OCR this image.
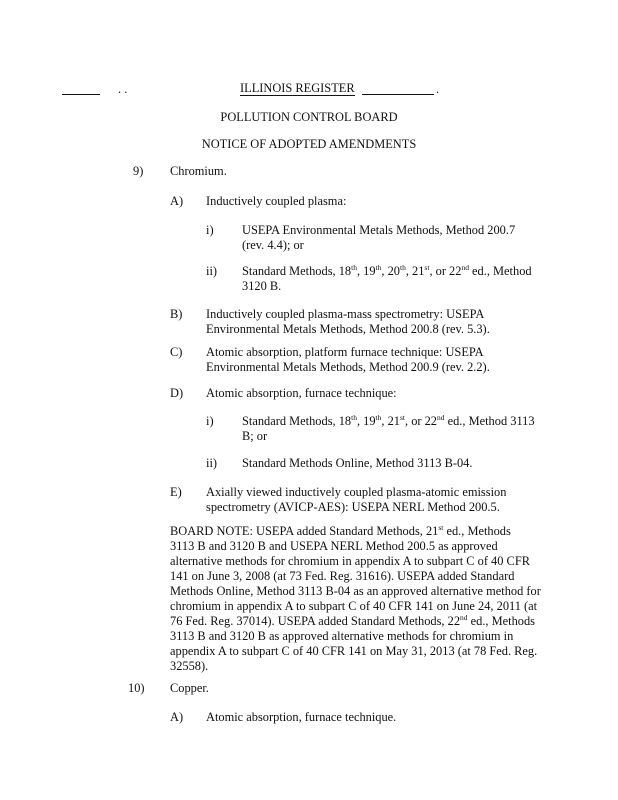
. .	ILLINOIS REGISTER	.
POLLUTION CONTROL BOARD
NOTICE OF ADOPTED AMENDMENTS
9) Chromium.
A) Inductively coupled plasma:
i) USEPA Environmental Metals Methods, Method 200.7
(rev. 4.4); or
ii) Standard Methods, 18th, 19th, 20th, 21st, or 22nd ed., Method
3120 B.
B) Inductively coupled plasma-mass spectrometry: USEPA
Environmental Metals Methods, Method 200.8 (rev. 5.3).
C) Atomic absorption, platform furnace technique: USEPA
Environmental Metals Methods, Method 200.9 (rev. 2.2).
D) Atomic absorption, furnace technique:
i) Standard Methods, 18th, 19th, 21st, or 22nd ed., Method 3113
B; or
ii) Standard Methods Online, Method 3113 B-04.
E) Axially viewed inductively coupled plasma-atomic emission
spectrometry (AVICP-AES): USEPA NERL Method 200.5.
BOARD NOTE: USEPA added Standard Methods, 21st ed., Methods
3113 B and 3120 B and USEPA NERL Method 200.5 as approved
alternative methods for chromium in appendix A to subpart C of 40 CFR
141 on June 3, 2008 (at 73 Fed. Reg. 31616). USEPA added Standard
Methods Online, Method 3113 B-04 as an approved alternative method for
chromium in appendix A to subpart C of 40 CFR 141 on June 24, 2011 (at
76 Fed. Reg. 37014). USEPA added Standard Methods, 22nd ed., Methods
3113 B and 3120 B as approved alternative methods for chromium in
appendix A to subpart C of 40 CFR 141 on May 31, 2013 (at 78 Fed. Reg.
32558).
10) Copper.
A) Atomic absorption, furnace technique.
